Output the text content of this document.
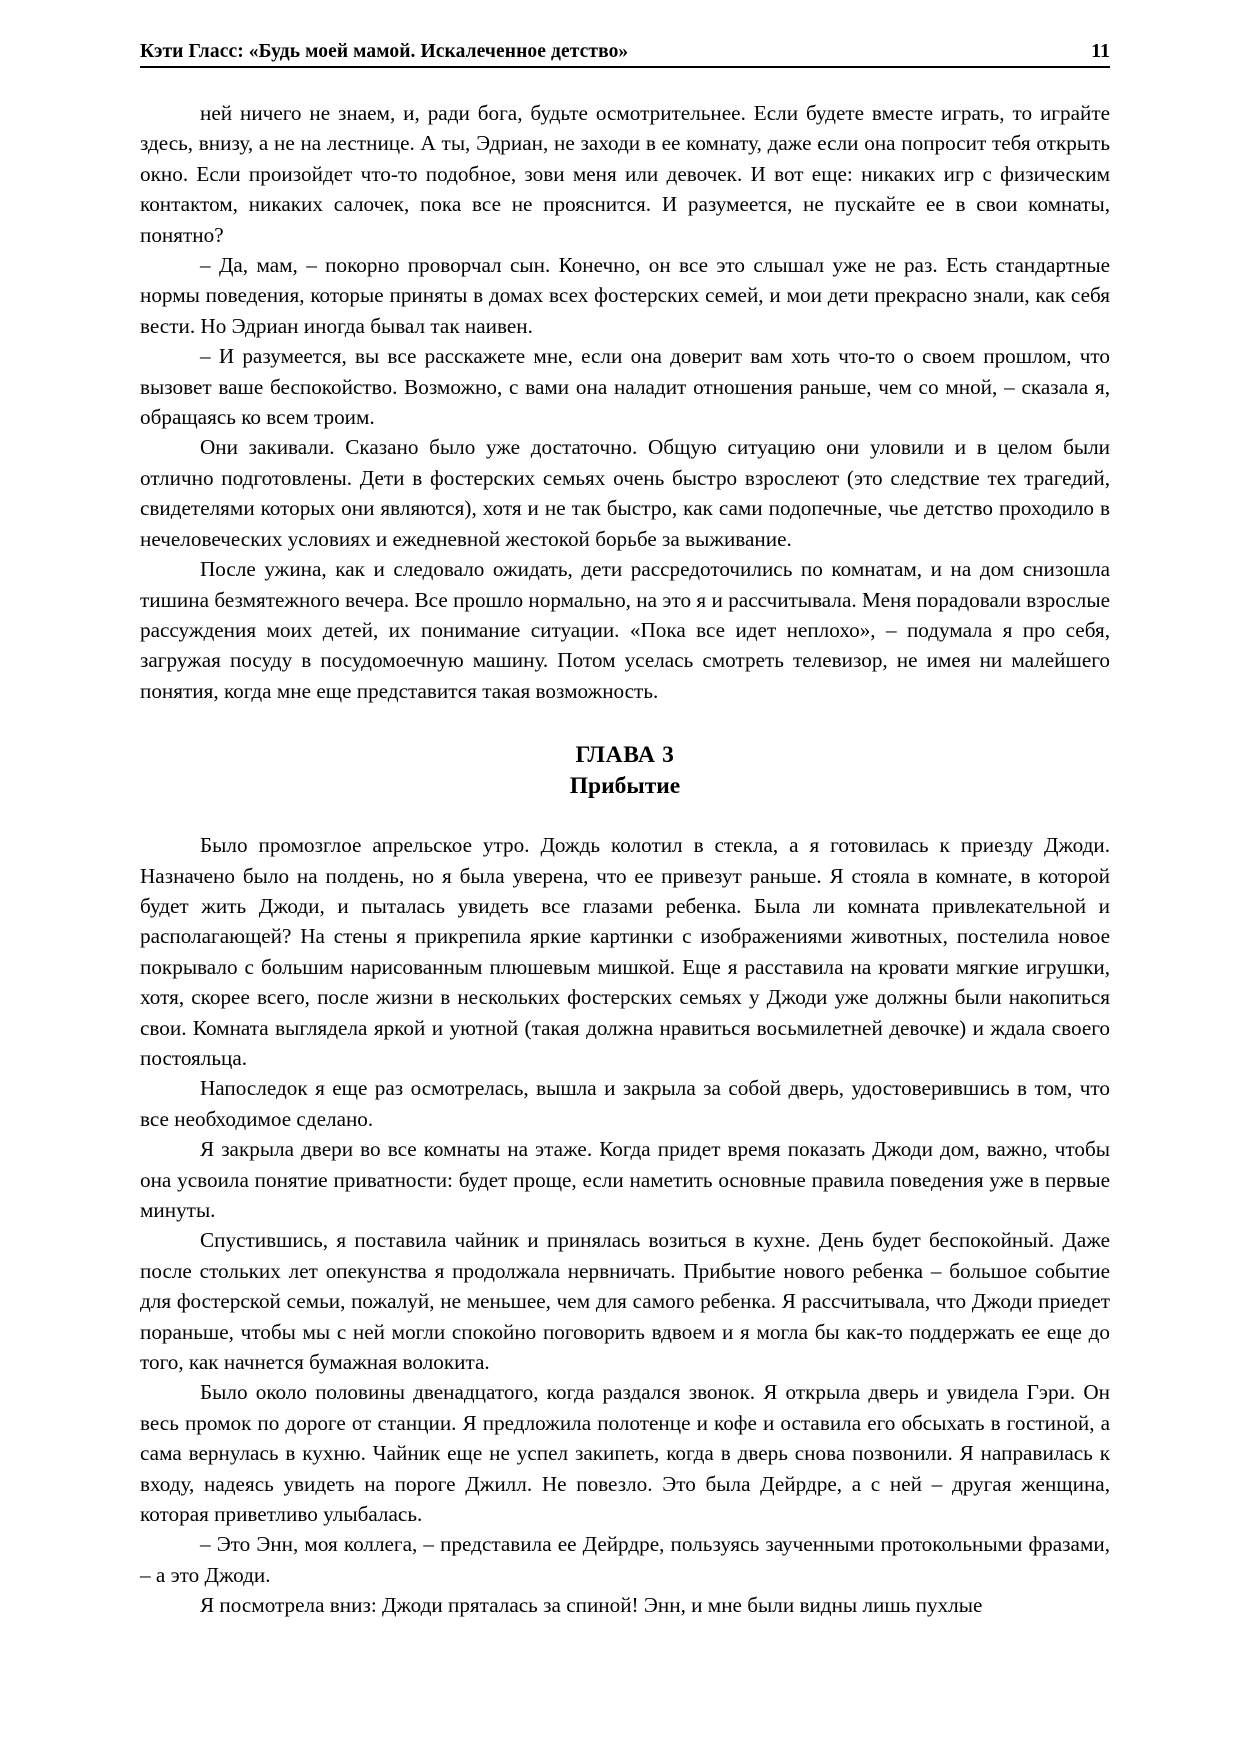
Кэти Гласс: «Будь моей мамой. Искалеченное детство»	11

ней ничего не знаем, и, ради бога, будьте осмотрительнее. Если будете вместе играть, то играйте здесь, внизу, а не на лестнице. А ты, Эдриан, не заходи в ее комнату, даже если она попросит тебя открыть окно. Если произойдет что-то подобное, зови меня или девочек. И вот еще: никаких игр с физическим контактом, никаких салочек, пока все не прояснится. И разумеется, не пускайте ее в свои комнаты, понятно?

– Да, мам, – покорно проворчал сын. Конечно, он все это слышал уже не раз. Есть стандартные нормы поведения, которые приняты в домах всех фостерских семей, и мои дети прекрасно знали, как себя вести. Но Эдриан иногда бывал так наивен.

– И разумеется, вы все расскажете мне, если она доверит вам хоть что-то о своем прошлом, что вызовет ваше беспокойство. Возможно, с вами она наладит отношения раньше, чем со мной, – сказала я, обращаясь ко всем троим.

Они закивали. Сказано было уже достаточно. Общую ситуацию они уловили и в целом были отлично подготовлены. Дети в фостерских семьях очень быстро взрослеют (это следствие тех трагедий, свидетелями которых они являются), хотя и не так быстро, как сами подопечные, чье детство проходило в нечеловеческих условиях и ежедневной жестокой борьбе за выживание.

После ужина, как и следовало ожидать, дети рассредоточились по комнатам, и на дом снизошла тишина безмятежного вечера. Все прошло нормально, на это я и рассчитывала. Меня порадовали взрослые рассуждения моих детей, их понимание ситуации. «Пока все идет неплохо», – подумала я про себя, загружая посуду в посудомоечную машину. Потом уселась смотреть телевизор, не имея ни малейшего понятия, когда мне еще представится такая возможность.

ГЛАВА 3
Прибытие

Было промозглое апрельское утро. Дождь колотил в стекла, а я готовилась к приезду Джоди. Назначено было на полдень, но я была уверена, что ее привезут раньше. Я стояла в комнате, в которой будет жить Джоди, и пыталась увидеть все глазами ребенка. Была ли комната привлекательной и располагающей? На стены я прикрепила яркие картинки с изображениями животных, постелила новое покрывало с большим нарисованным плюшевым мишкой. Еще я расставила на кровати мягкие игрушки, хотя, скорее всего, после жизни в нескольких фостерских семьях у Джоди уже должны были накопиться свои. Комната выглядела яркой и уютной (такая должна нравиться восьмилетней девочке) и ждала своего постояльца.

Напоследок я еще раз осмотрелась, вышла и закрыла за собой дверь, удостоверившись в том, что все необходимое сделано.

Я закрыла двери во все комнаты на этаже. Когда придет время показать Джоди дом, важно, чтобы она усвоила понятие приватности: будет проще, если наметить основные правила поведения уже в первые минуты.

Спустившись, я поставила чайник и принялась возиться в кухне. День будет беспокойный. Даже после стольких лет опекунства я продолжала нервничать. Прибытие нового ребенка – большое событие для фостерской семьи, пожалуй, не меньшее, чем для самого ребенка. Я рассчитывала, что Джоди приедет пораньше, чтобы мы с ней могли спокойно поговорить вдвоем и я могла бы как-то поддержать ее еще до того, как начнется бумажная волокита.

Было около половины двенадцатого, когда раздался звонок. Я открыла дверь и увидела Гэри. Он весь промок по дороге от станции. Я предложила полотенце и кофе и оставила его обсыхать в гостиной, а сама вернулась в кухню. Чайник еще не успел закипеть, когда в дверь снова позвонили. Я направилась к входу, надеясь увидеть на пороге Джилл. Не повезло. Это была Дейрдре, а с ней – другая женщина, которая приветливо улыбалась.

– Это Энн, моя коллега, – представила ее Дейрдре, пользуясь заученными протокольными фразами, – а это Джоди.

Я посмотрела вниз: Джоди пряталась за спиной! Энн, и мне были видны лишь пухлые
